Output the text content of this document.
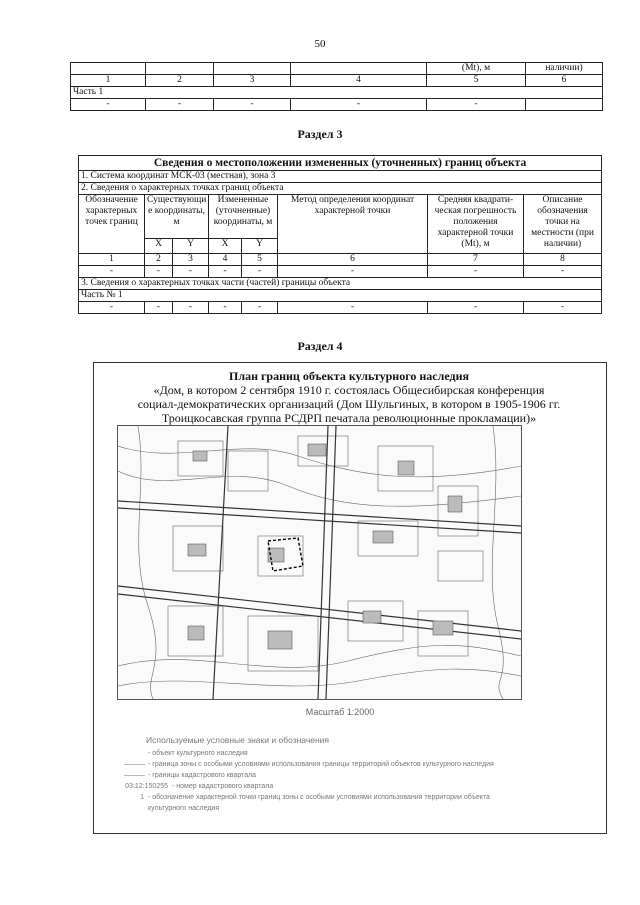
50
				(Mt), м	наличии)
1	2	3	4	5	6
Часть 1					
-	-	-	-	-	
Раздел 3
Сведения о местоположении измененных (уточненных) границ объекта							
1. Система координат МСК-03 (местная), зона 3							
2. Сведения о характерных точках границ объекта							
Обозначение характерных точек границ	Существующи е координаты, м		Измененные (уточненные) координаты, м		Метод определения координат характерной точки	Средняя квадрати-ческая погрешность положения характерной точки (Mt), м	Описание обозначения точки на местности (при наличии)
	X	Y	X	Y			
1	2	3	4	5	6	7	8
-	-	-	-	-	-	-	-
3. Сведения о характерных точках части (частей) границы объекта							
Часть № 1							
-	-	-	-	-	-	-	-
Раздел 4
План границ объекта культурного наследия
«Дом, в котором 2 сентября 1910 г. состоялась Общесибирская конференция
социал-демократических организаций (Дом Шульгиных, в котором в 1905-1906 гг.
Троицкосавская группа РСДРП печатала революционные прокламации)»
Масштаб 1:2000
Используемые условные знаки и обозначения
- объект культурного наследия
——— - граница зоны с особыми условиями использования границы территорий объектов культурного наследия
——— - границы кадастрового квартала
03:12:150255 - номер кадастрового квартала
1 - обозначение характерной точки границ зоны с особыми условиями использования территории объекта культурного наследия
